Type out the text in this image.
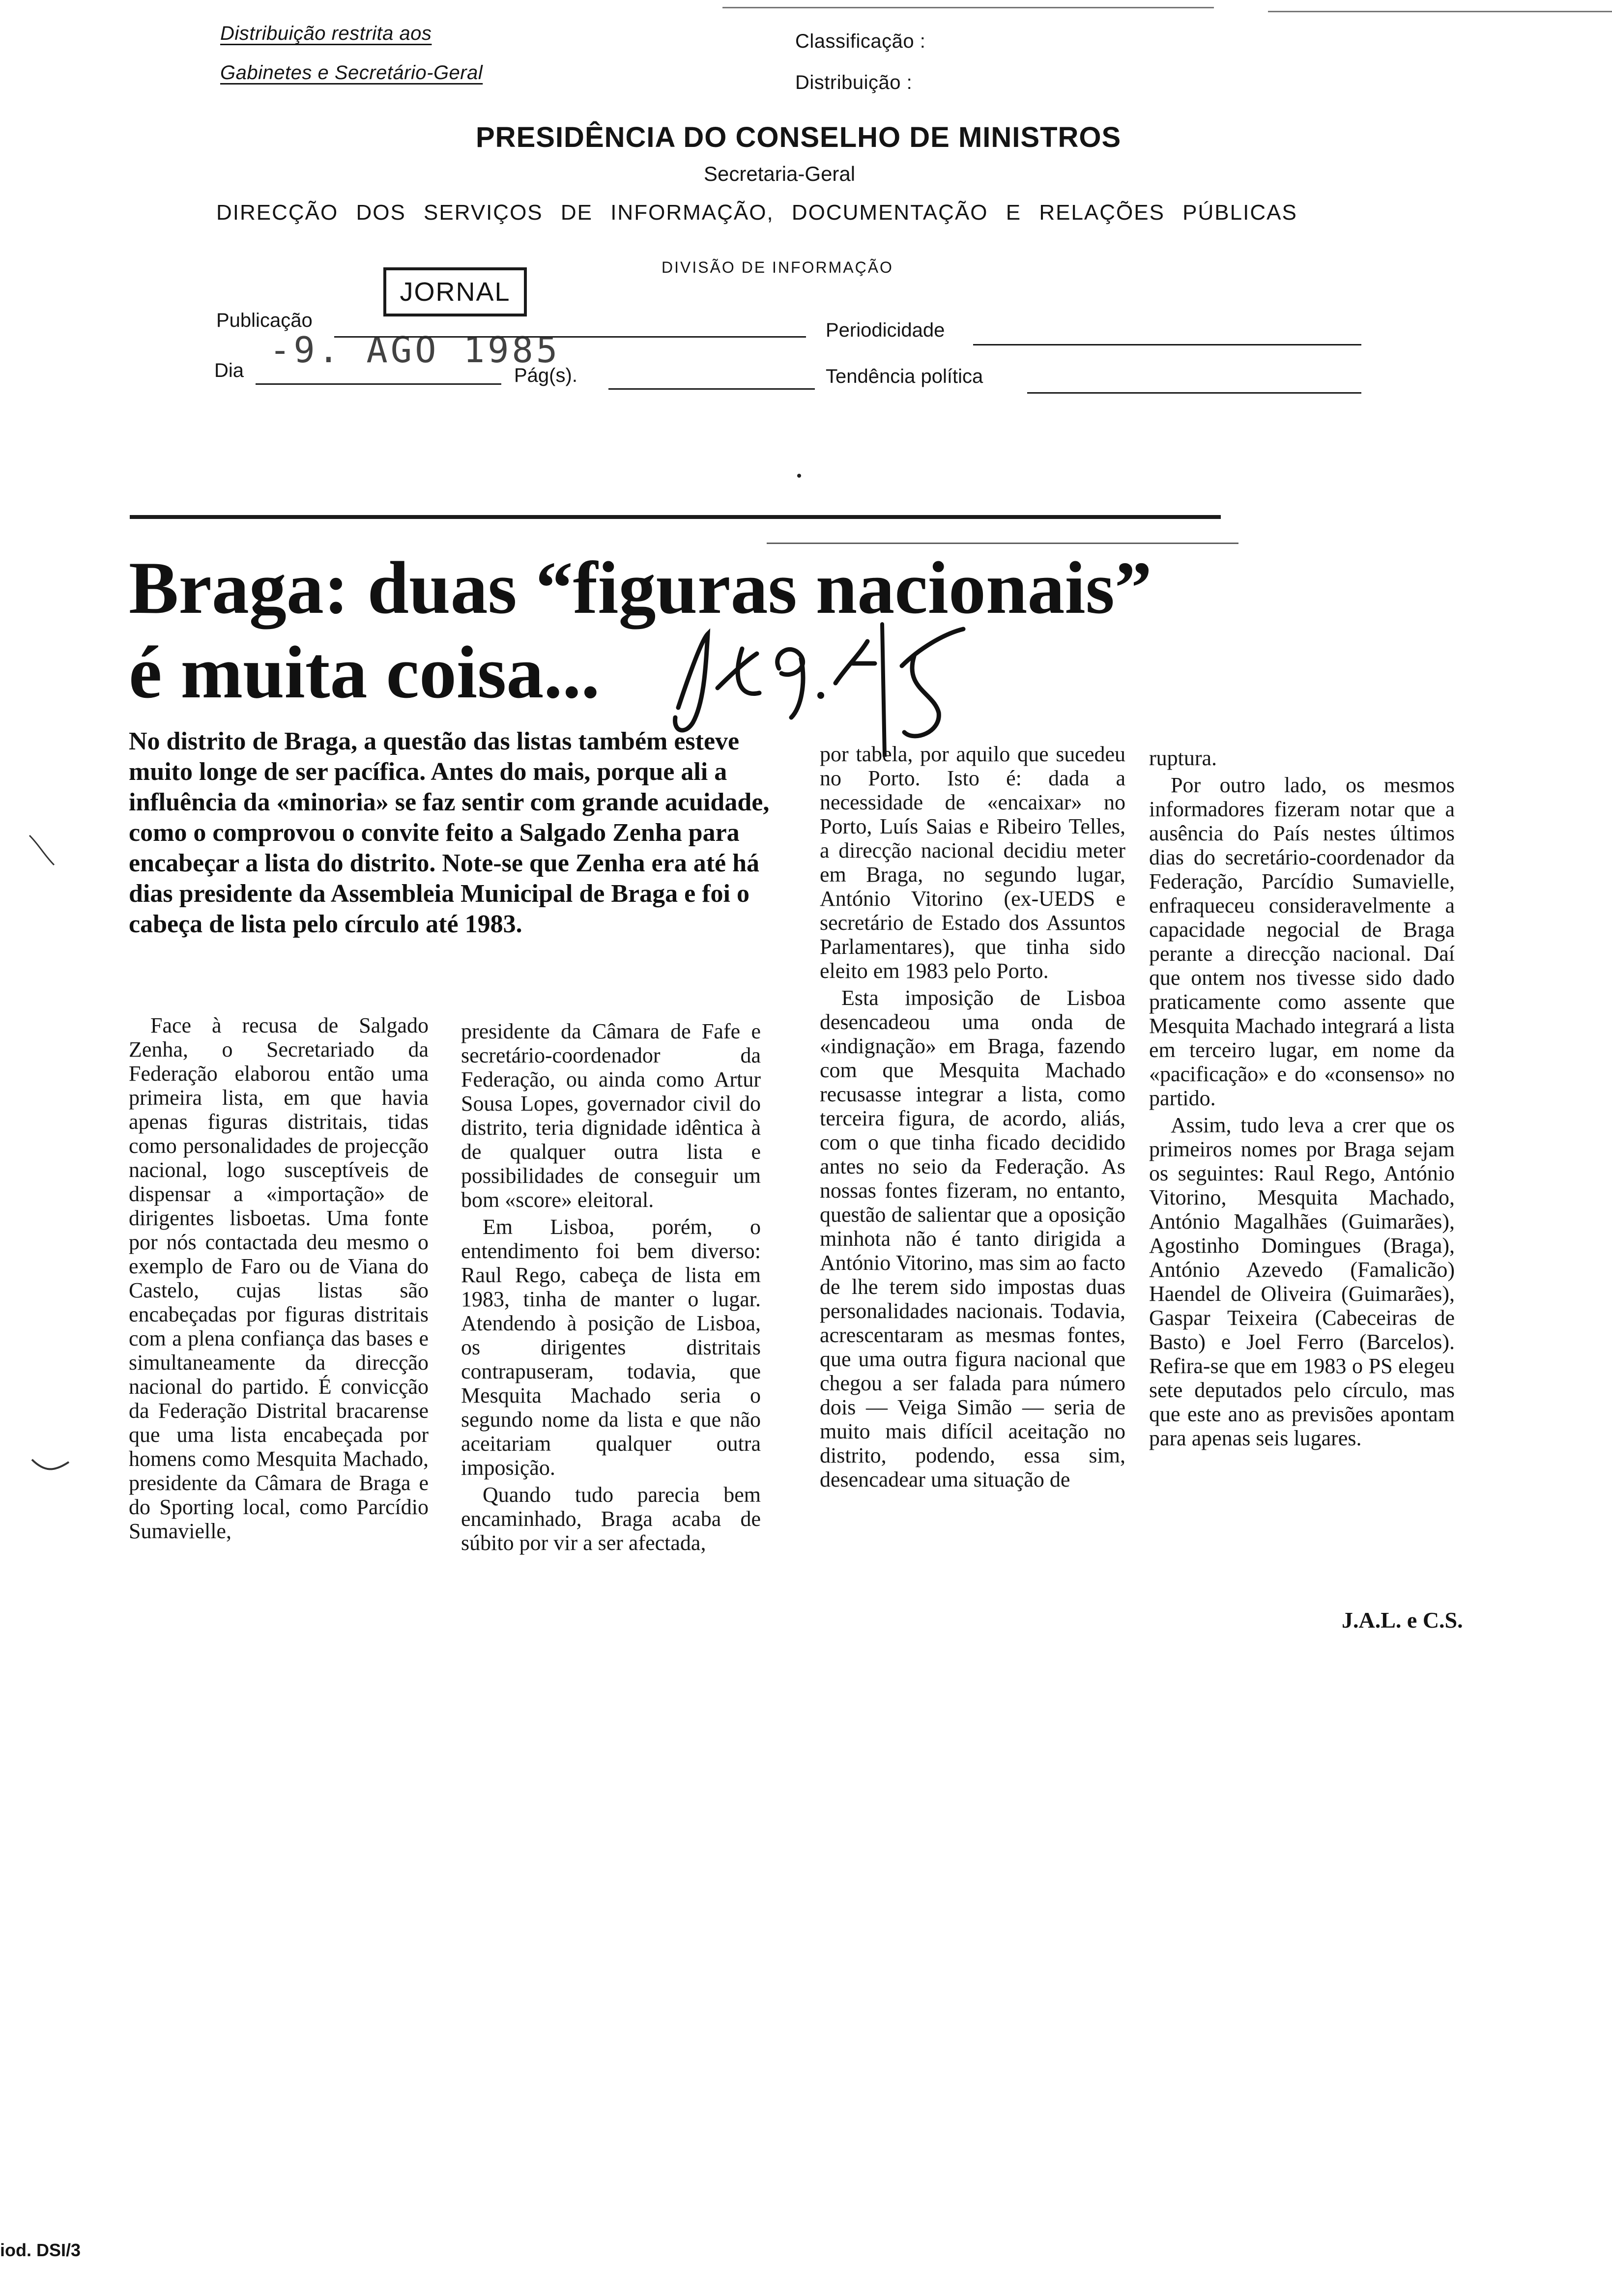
Distribuição restrita aos
Gabinetes e Secretário-Geral
Classificação :
Distribuição :
PRESIDÊNCIA DO CONSELHO DE MINISTROS
Secretaria-Geral
DIRECÇÃO DOS SERVIÇOS DE INFORMAÇÃO, DOCUMENTAÇÃO E RELAÇÕES PÚBLICAS
DIVISÃO DE INFORMAÇÃO
JORNAL
Publicação	Periodicidade
-9. AGO 1985
Dia	Pág(s).	Tendência política
Braga: duas “figuras nacionais”
é muita coisa...
No distrito de Braga, a questão das listas também esteve muito longe de ser pacífica. Antes do mais, porque ali a influência da «minoria» se faz sentir com grande acuidade, como o comprovou o convite feito a Salgado Zenha para encabeçar a lista do distrito. Note-se que Zenha era até há dias presidente da Assembleia Municipal de Braga e foi o cabeça de lista pelo círculo até 1983.

Face à recusa de Salgado Zenha, o Secretariado da Federação elaborou então uma primeira lista, em que havia apenas figuras distritais, tidas como personalidades de projecção nacional, logo susceptíveis de dispensar a «importação» de dirigentes lisboetas. Uma fonte por nós contactada deu mesmo o exemplo de Faro ou de Viana do Castelo, cujas listas são encabeçadas por figuras distritais com a plena confiança das bases e simultaneamente da direcção nacional do partido. É convicção da Federação Distrital bracarense que uma lista encabeçada por homens como Mesquita Machado, presidente da Câmara de Braga e do Sporting local, como Parcídio Sumavielle,

presidente da Câmara de Fafe e secretário-coordenador da Federação, ou ainda como Artur Sousa Lopes, governador civil do distrito, teria dignidade idêntica à de qualquer outra lista e possibilidades de conseguir um bom «score» eleitoral.

Em Lisboa, porém, o entendimento foi bem diverso: Raul Rego, cabeça de lista em 1983, tinha de manter o lugar. Atendendo à posição de Lisboa, os dirigentes distritais contrapuseram, todavia, que Mesquita Machado seria o segundo nome da lista e que não aceitariam qualquer outra imposição.

Quando tudo parecia bem encaminhado, Braga acaba de súbito por vir a ser afectada,

por tabela, por aquilo que sucedeu no Porto. Isto é: dada a necessidade de «encaixar» no Porto, Luís Saias e Ribeiro Telles, a direcção nacional decidiu meter em Braga, no segundo lugar, António Vitorino (ex-UEDS e secretário de Estado dos Assuntos Parlamentares), que tinha sido eleito em 1983 pelo Porto.

Esta imposição de Lisboa desencadeou uma onda de «indignação» em Braga, fazendo com que Mesquita Machado recusasse integrar a lista, como terceira figura, de acordo, aliás, com o que tinha ficado decidido antes no seio da Federação. As nossas fontes fizeram, no entanto, questão de salientar que a oposição minhota não é tanto dirigida a António Vitorino, mas sim ao facto de lhe terem sido impostas duas personalidades nacionais. Todavia, acrescentaram as mesmas fontes, que uma outra figura nacional que chegou a ser falada para número dois — Veiga Simão — seria de muito mais difícil aceitação no distrito, podendo, essa sim, desencadear uma situação de

ruptura.

Por outro lado, os mesmos informadores fizeram notar que a ausência do País nestes últimos dias do secretário-coordenador da Federação, Parcídio Sumavielle, enfraqueceu consideravelmente a capacidade negocial de Braga perante a direcção nacional. Daí que ontem nos tivesse sido dado praticamente como assente que Mesquita Machado integrará a lista em terceiro lugar, em nome da «pacificação» e do «consenso» no partido.

Assim, tudo leva a crer que os primeiros nomes por Braga sejam os seguintes: Raul Rego, António Vitorino, Mesquita Machado, António Magalhães (Guimarães), Agostinho Domingues (Braga), António Azevedo (Famalicão) Haendel de Oliveira (Guimarães), Gaspar Teixeira (Cabeceiras de Basto) e Joel Ferro (Barcelos). Refira-se que em 1983 o PS elegeu sete deputados pelo círculo, mas que este ano as previsões apontam para apenas seis lugares.

J.A.L. e C.S.
iod. DSI/3
